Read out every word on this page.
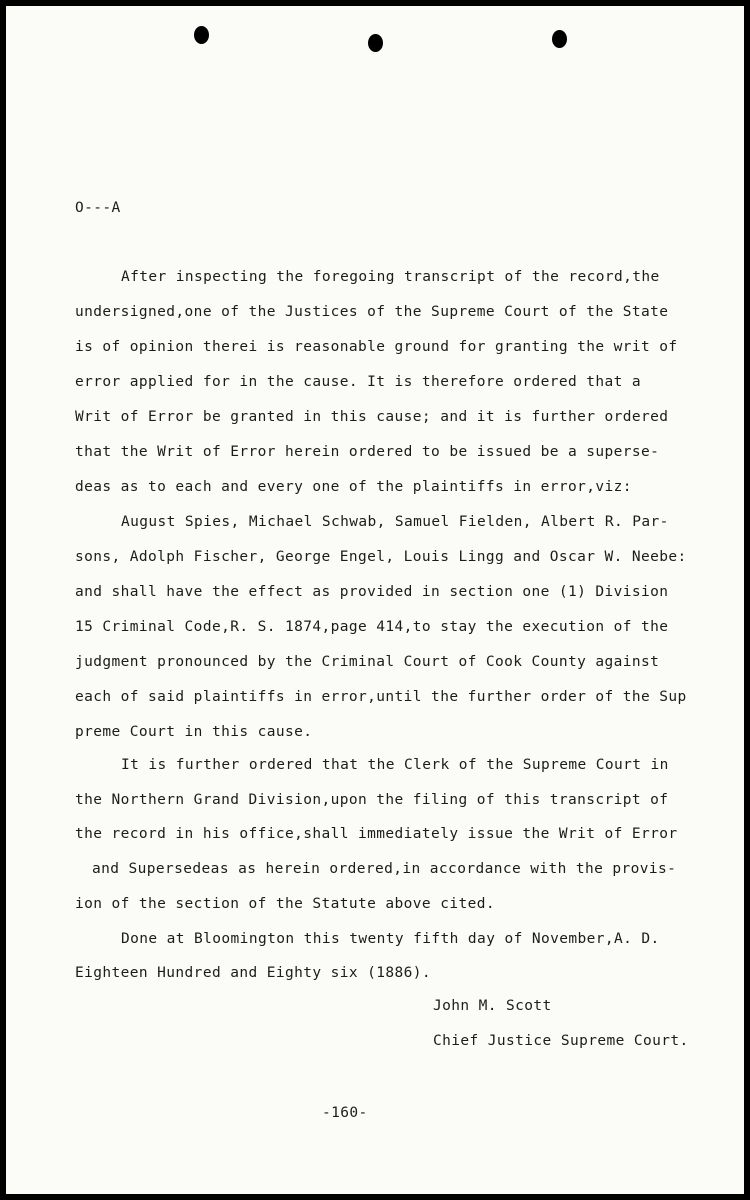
O---A
After inspecting the foregoing transcript of the record,the
undersigned,one of the Justices of the Supreme Court of the State
is of opinion therei is reasonable ground for granting the writ of
error applied for in the cause. It is therefore ordered that a
Writ of Error be granted in this cause; and it is further ordered
that the Writ of Error herein ordered to be issued be a superse-
deas as to each and every one of the plaintiffs in error,viz:
August Spies, Michael Schwab, Samuel Fielden, Albert R. Par-
sons, Adolph Fischer, George Engel, Louis Lingg and Oscar W. Neebe:
and shall have the effect as provided in section one (1) Division
15 Criminal Code,R. S. 1874,page 414,to stay the execution of the
judgment pronounced by the Criminal Court of Cook County against
each of said plaintiffs in error,until the further order of the Sup
preme Court in this cause.
It is further ordered that the Clerk of the Supreme Court in
the Northern Grand Division,upon the filing of this transcript of
the record in his office,shall immediately issue the Writ of Error
and Supersedeas as herein ordered,in accordance with the provis-
ion of the section of the Statute above cited.
Done at Bloomington this twenty fifth day of November,A. D.
Eighteen Hundred and Eighty six (1886).
John M. Scott
Chief Justice Supreme Court.
-160-
